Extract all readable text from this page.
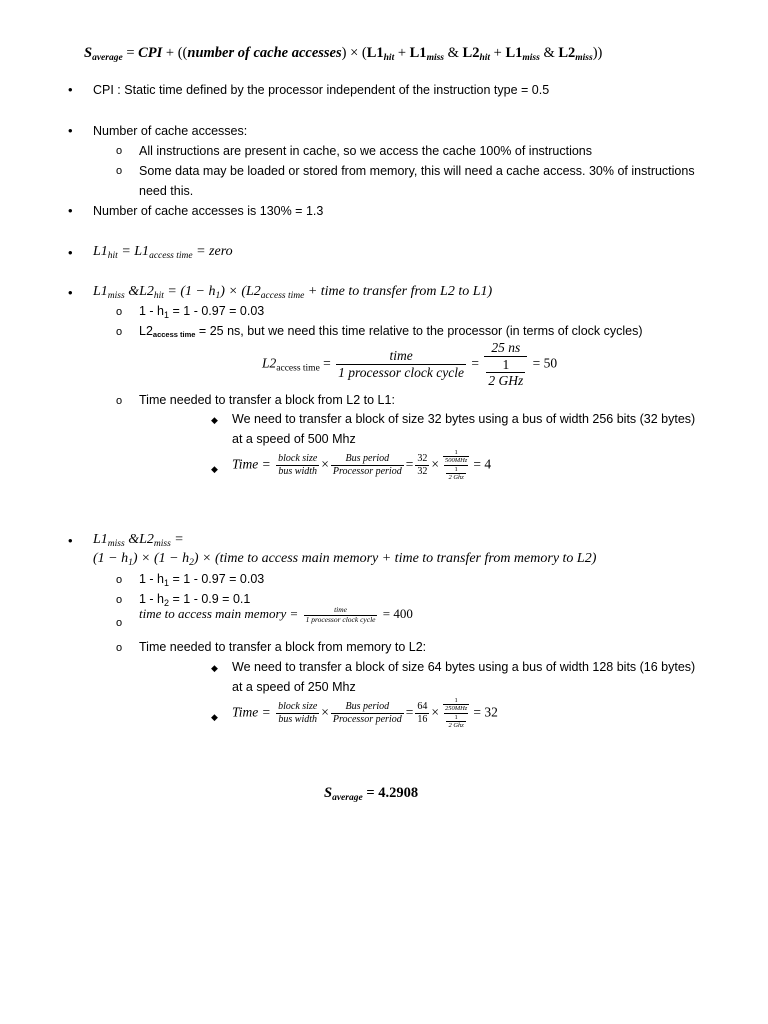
$S_{average}$ = CPI + ((number of cache accesses) × ($L1_{hit} + L1_{miss}$ & $L2_{hit} + L1_{miss}$ & $L2_{miss}$))
• CPI : Static time defined by the processor independent of the instruction type = 0.5
• Number of cache accesses:
o All instructions are present in cache, so we access the cache 100% of instructions
o Some data may be loaded or stored from memory, this will need a cache access. 30% of instructions
need this.
• Number of cache accesses is 130% = 1.3
• $L1_{hit} = L1_{access time}$ = zero
• $L1_{miss}$ $\&L2_{hit} = (1 - h_1) \times (L2_{access time}$ + time to transfer from L2 to L1)
o $1 - h_1 = 1 - 0.97 = 0.03$
o L2access time = 25 ns, but we need this time relative to the processor (in terms of clock cycles)
$L2_{access time} = \frac{\text{time}}{\text{1 processor clock cycle}} = \frac{25 ns}{\frac{1}{\text{2 GHz}}} = 50$
o Time needed to transfer a block from L2 to L1:
◆ We need to transfer a block of size 32 bytes using a bus of width 256 bits (32 bytes)
at a speed of 500 Mhz
◆ Time = $\frac{\text{block size}}{\text{bus width}} \times \frac{\text{Bus period}}{\text{Processor period}} = \frac{32}{32} \times \frac{\frac{1}{\text{500MHz}}}{\frac{1}{\text{2 Ghz}}} = 4$
• $L1_{miss}$ $\&L2_{miss}$ =
$(1 - h_1) \times (1 - h_2)$ × (time to access main memory + time to transfer from memory to L2)
o $1 - h_1 = 1 - 0.97 = 0.03$
o $1 - h_2 = 1 - 0.9 = 0.1$
o
time to access main memory = $\frac{\text{time}}{\text{1 processor clock cycle}} = 400$
o Time needed to transfer a block from memory to L2:
◆ We need to transfer a block of size 64 bytes using a bus of width 128 bits (16 bytes)
at a speed of 250 Mhz
◆ Time = $\frac{\text{block size}}{\text{bus width}} \times \frac{\text{Bus period}}{\text{Processor period}} = \frac{64}{16} \times \frac{\frac{1}{\text{250MHz}}}{\frac{1}{\text{2 Ghz}}} = 32$
$S_{average} = 4.2908$
